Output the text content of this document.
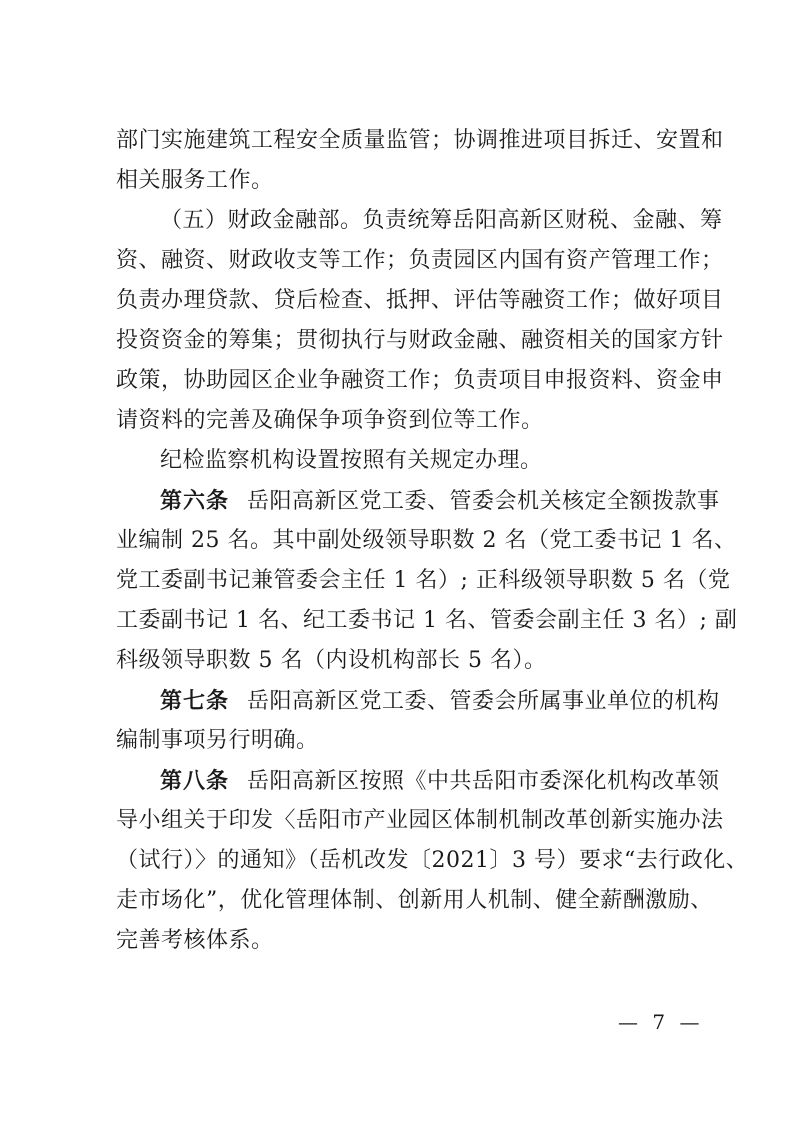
部门实施建筑工程安全质量监管；协调推进项目拆迁、安置和
相关服务工作。
（五）财政金融部。负责统筹岳阳高新区财税、金融、筹
资、融资、财政收支等工作；负责园区内国有资产管理工作；
负责办理贷款、贷后检查、抵押、评估等融资工作；做好项目
投资资金的筹集；贯彻执行与财政金融、融资相关的国家方针
政策，协助园区企业争融资工作；负责项目申报资料、资金申
请资料的完善及确保争项争资到位等工作。
纪检监察机构设置按照有关规定办理。
第六条 岳阳高新区党工委、管委会机关核定全额拨款事
业编制 25 名。其中副处级领导职数 2 名（党工委书记 1 名、
党工委副书记兼管委会主任 1 名）; 正科级领导职数 5 名（党
工委副书记 1 名、纪工委书记 1 名、管委会副主任 3 名）; 副
科级领导职数 5 名（内设机构部长 5 名）。
第七条 岳阳高新区党工委、管委会所属事业单位的机构
编制事项另行明确。
第八条 岳阳高新区按照《中共岳阳市委深化机构改革领
导小组关于印发〈岳阳市产业园区体制机制改革创新实施办法
（试行）〉的通知》（岳机改发〔2021〕3 号）要求“去行政化、
走市场化”，优化管理体制、创新用人机制、健全薪酬激励、
完善考核体系。
— 7 —
